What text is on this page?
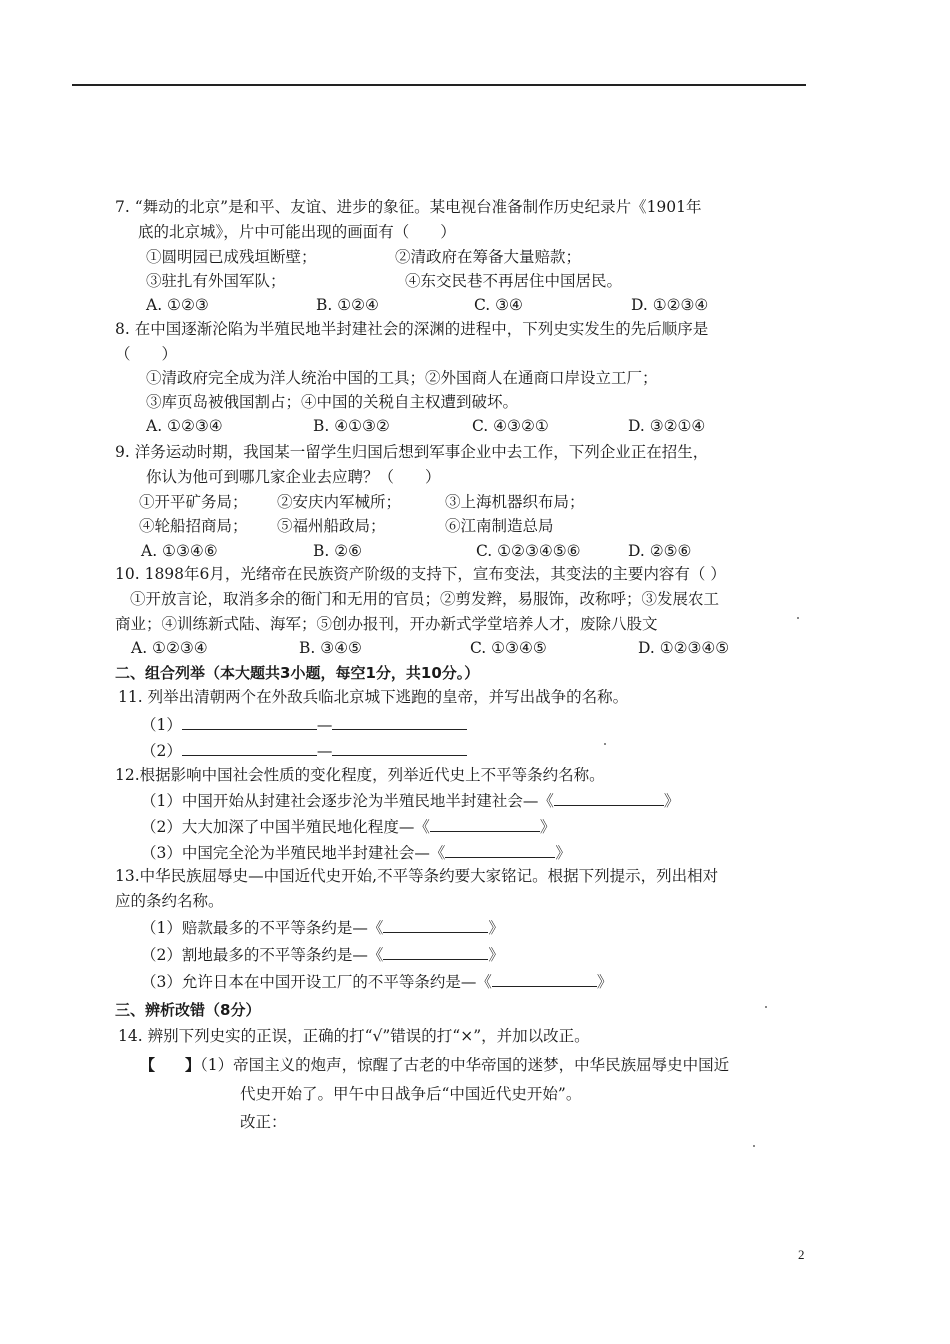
7. “舞动的北京”是和平、友谊、进步的象征。某电视台准备制作历史纪录片《1901年
底的北京城》，片中可能出现的画面有（　　）
①圆明园已成残垣断壁；	②清政府在筹备大量赔款；
③驻扎有外国军队；	④东交民巷不再居住中国居民。
A. ①②③	B. ①②④	C. ③④	D. ①②③④
8. 在中国逐渐沦陷为半殖民地半封建社会的深渊的进程中，下列史实发生的先后顺序是
（　　）
①清政府完全成为洋人统治中国的工具；②外国商人在通商口岸设立工厂；
③库页岛被俄国割占；④中国的关税自主权遭到破坏。
A. ①②③④	B. ④①③②	C. ④③②①	D. ③②①④
9. 洋务运动时期，我国某一留学生归国后想到军事企业中去工作，下列企业正在招生，
你认为他可到哪几家企业去应聘？（　　）
①开平矿务局； ②安庆内军械所；	③上海机器织布局；
④轮船招商局； ⑤福州船政局；	⑥江南制造总局
A. ①③④⑥	B. ②⑥	C. ①②③④⑤⑥	D. ②⑤⑥
10. 1898年6月，光绪帝在民族资产阶级的支持下，宣布变法，其变法的主要内容有（ ）
①开放言论，取消多余的衙门和无用的官员；②剪发辫，易服饰，改称呼；③发展农工
商业；④训练新式陆、海军；⑤创办报刊，开办新式学堂培养人才，废除八股文
A. ①②③④	B. ③④⑤	C. ①③④⑤	D. ①②③④⑤
二、组合列举（本大题共3小题，每空1分，共10分。）
11. 列举出清朝两个在外敌兵临北京城下逃跑的皇帝，并写出战争的名称。
（1）	—
（2）	—
12.根据影响中国社会性质的变化程度，列举近代史上不平等条约名称。
（1）中国开始从封建社会逐步沦为半殖民地半封建社会—《	》
（2）大大加深了中国半殖民地化程度—《	》
（3）中国完全沦为半殖民地半封建社会—《	》
13.中华民族屈辱史—中国近代史开始,不平等条约要大家铭记。根据下列提示，列出相对
应的条约名称。
（1）赔款最多的不平等条约是—《	》
（2）割地最多的不平等条约是—《	》
（3）允许日本在中国开设工厂的不平等条约是—《	》
三、辨析改错（8分）
14. 辨别下列史实的正误，正确的打“√”错误的打“×”，并加以改正。
【　　】（1）帝国主义的炮声，惊醒了古老的中华帝国的迷梦，中华民族屈辱史中国近
代史开始了。甲午中日战争后“中国近代史开始”。
改正：
2
